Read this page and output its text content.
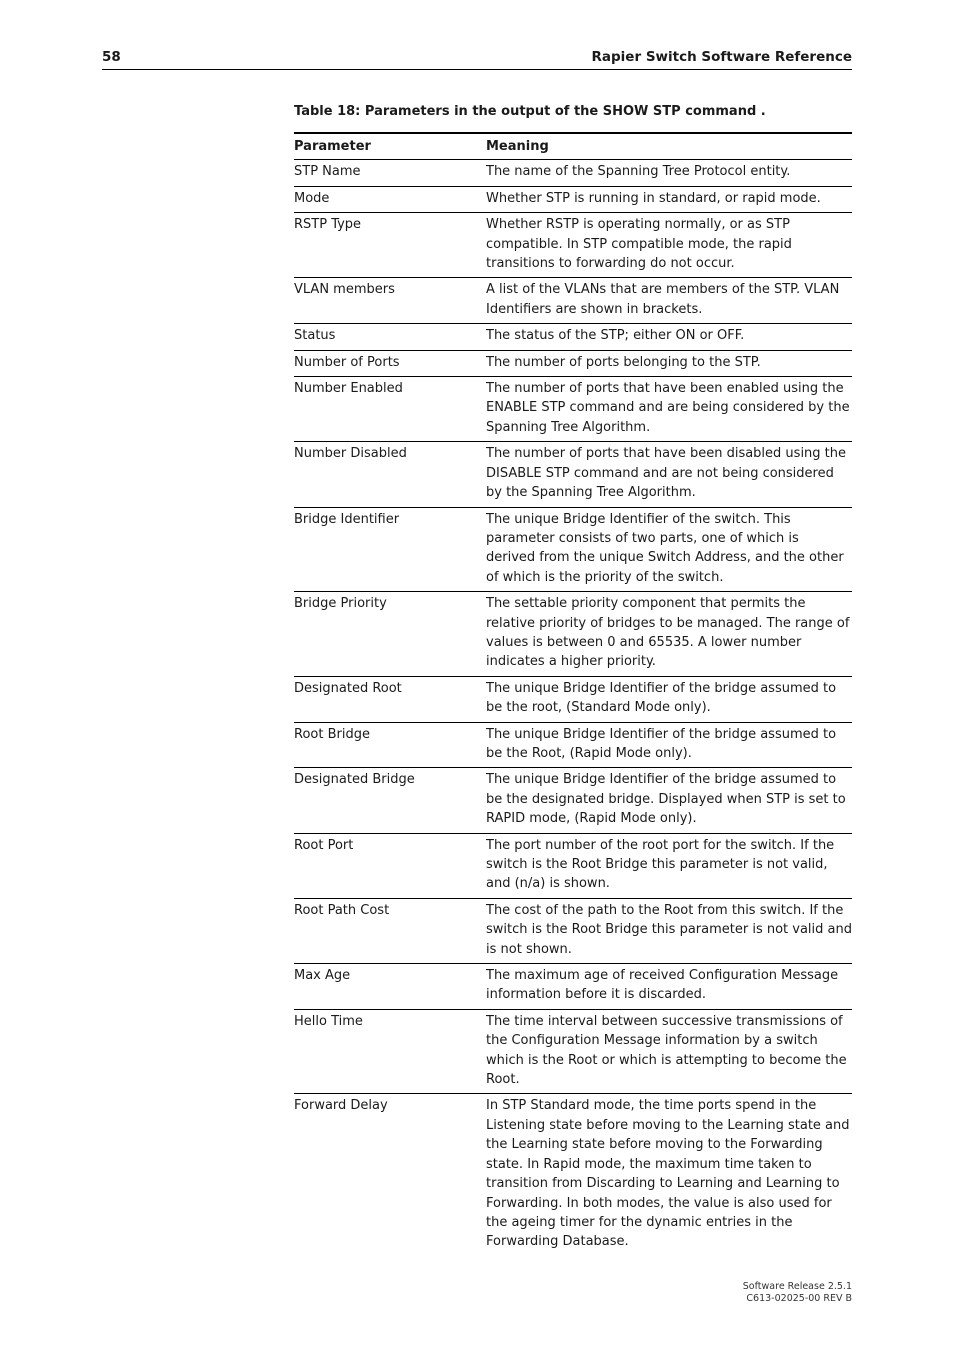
58	Rapier Switch Software Reference
Table 18: Parameters in the output of the SHOW STP command .
Parameter	Meaning
STP Name	The name of the Spanning Tree Protocol entity.
Mode	Whether STP is running in standard, or rapid mode.
RSTP Type	Whether RSTP is operating normally, or as STP compatible. In STP compatible mode, the rapid transitions to forwarding do not occur.
VLAN members	A list of the VLANs that are members of the STP. VLAN Identifiers are shown in brackets.
Status	The status of the STP; either ON or OFF.
Number of Ports	The number of ports belonging to the STP.
Number Enabled	The number of ports that have been enabled using the ENABLE STP command and are being considered by the Spanning Tree Algorithm.
Number Disabled	The number of ports that have been disabled using the DISABLE STP command and are not being considered by the Spanning Tree Algorithm.
Bridge Identifier	The unique Bridge Identifier of the switch. This parameter consists of two parts, one of which is derived from the unique Switch Address, and the other of which is the priority of the switch.
Bridge Priority	The settable priority component that permits the relative priority of bridges to be managed. The range of values is between 0 and 65535. A lower number indicates a higher priority.
Designated Root	The unique Bridge Identifier of the bridge assumed to be the root, (Standard Mode only).
Root Bridge	The unique Bridge Identifier of the bridge assumed to be the Root, (Rapid Mode only).
Designated Bridge	The unique Bridge Identifier of the bridge assumed to be the designated bridge. Displayed when STP is set to RAPID mode, (Rapid Mode only).
Root Port	The port number of the root port for the switch. If the switch is the Root Bridge this parameter is not valid, and (n/a) is shown.
Root Path Cost	The cost of the path to the Root from this switch. If the switch is the Root Bridge this parameter is not valid and is not shown.
Max Age	The maximum age of received Configuration Message information before it is discarded.
Hello Time	The time interval between successive transmissions of the Configuration Message information by a switch which is the Root or which is attempting to become the Root.
Forward Delay	In STP Standard mode, the time ports spend in the Listening state before moving to the Learning state and the Learning state before moving to the Forwarding state. In Rapid mode, the maximum time taken to transition from Discarding to Learning and Learning to Forwarding. In both modes, the value is also used for the ageing timer for the dynamic entries in the Forwarding Database.
Software Release 2.5.1
C613-02025-00 REV B
